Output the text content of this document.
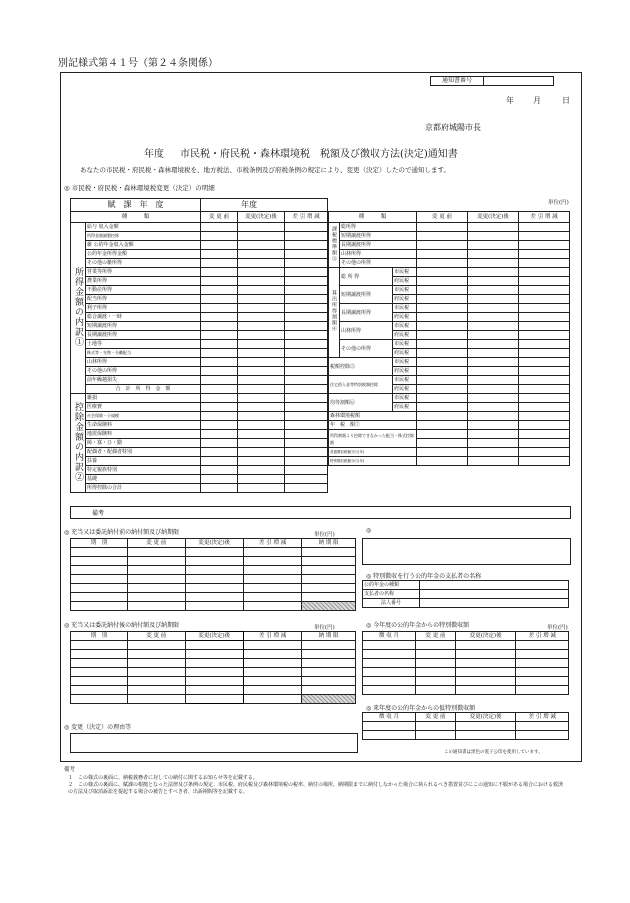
別記様式第４１号（第２４条関係）
通知書番号	
年 月	日
京都府城陽市長
年度 市民税・府民税・森林環境税　税額及び徴収方法(決定)通知書
あなたの市民税・府民税・森林環境税を、地方税法、市税条例及び府税条例の規定により、変更（決定）したので通知します。
◎ 市民税・府民税・森林環境税変更（決定）の明細
単位(円)
賦　課　年　度		年度		
種　　　類		変 更 前	変更(決定)後	差 引 増 減
所得金額の内訳①	給与 収入金額			
	所得金額調整控除			
	雑 公的年金収入金額			
	公的年金所得金額			
	その他の雑所得			
	営業等所得			
	農業所得			
	不動産所得			
	配当所得			
	利子所得			
	総合譲渡・一時			
	短期譲渡所得			
	長期譲渡所得			
	土地等			
	株式等・先物・分離配当			
	山林所得			
	その他の所得			
	前年繰越損失			
	合　計　所　得　金　額			
控除金額の内訳②	雑損			
	医療費			
	社会保険・小規模			
	生命保険料			
	地震保険料			
	障・寡・ひ・勤			
	配偶者・配偶者特別			
	扶養			
	特定親族特別			
	基礎			
	所得控除の合計			
種　　　類			変 更 前	変更(決定)後	差 引 増 減
課税標準額③	総所得				
	短期譲渡所得				
	長期譲渡所得				
	山林所得				
	その他の所得				
算出所得割額④	総 所 得	市民税			
		府民税			
	短期譲渡所得	市民税			
		府民税			
	長期譲渡所得	市民税			
		府民税			
	山林所得	市民税			
		府民税			
	その他の所得	市民税			
		府民税			
税額控除⑤		市民税			
		府民税			
住宅借入金等特別税額控除		市民税			
		府民税			
均等割額⑥		市民税			
		府民税			
森林環境税額					
年　税　額⑦					
所得割額より控除できなかった配当・株式控除額					

普通徴収税額分(当年)					
特別徴収税額分(当年)					
備考
◎ 充当又は委託納付前の納付額及び納期限	単位(円)
期　別	変 更 前	変更(決定)後	差 引 増 減	納 期 限

◎
◎ 特別徴収を行う公的年金の支払者の名称
公的年金の種類	
支払者の名称	
法人番号	
◎ 充当又は委託納付後の納付額及び納期限	単位(円)
期　別	変 更 前	変更(決定)後	差 引 増 減	納 期 限

◎ 今年度の公的年金からの特別徴収額	単位(円)
徴 収 月	変 更 前	変更(決定)後	差 引 増 減

◎ 来年度の公的年金からの仮特別徴収額
徴 収 月	変 更 前	変更(決定)後	差 引 増 減

◎ 変更（決定）の理由等
この通知書は黒色の電子公印を使用しています。
備考
１　この様式の裏面に、納税義務者に対しての納付に関するお知らせ等を記載する。
２　この様式の裏面に、賦課の根拠となった法律及び条例の規定、市民税、府民税及び森林環境税の税率、納付の場所、納期限までに納付しなかった場合に執られるべき措置並びにこの通知に不服がある場合における救済の方法及び取消訴訟を提起する場合の被告とすべき者、出訴期間等を記載する。
